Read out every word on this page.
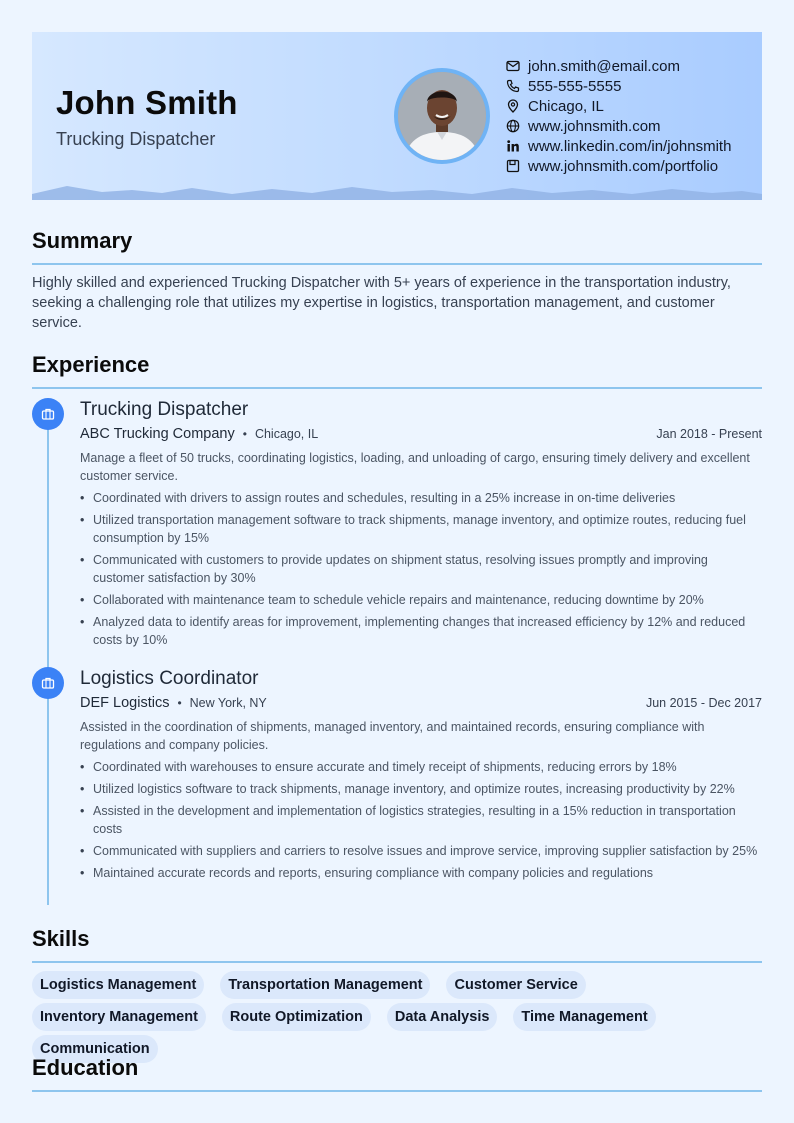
John Smith
Trucking Dispatcher
john.smith@email.com
555-555-5555
Chicago, IL
www.johnsmith.com
www.linkedin.com/in/johnsmith
www.johnsmith.com/portfolio
Summary
Highly skilled and experienced Trucking Dispatcher with 5+ years of experience in the transportation industry, seeking a challenging role that utilizes my expertise in logistics, transportation management, and customer service.
Experience
Trucking Dispatcher
ABC Trucking Company • Chicago, IL	Jan 2018 - Present
Manage a fleet of 50 trucks, coordinating logistics, loading, and unloading of cargo, ensuring timely delivery and excellent customer service.
• Coordinated with drivers to assign routes and schedules, resulting in a 25% increase in on-time deliveries
• Utilized transportation management software to track shipments, manage inventory, and optimize routes, reducing fuel consumption by 15%
• Communicated with customers to provide updates on shipment status, resolving issues promptly and improving customer satisfaction by 30%
• Collaborated with maintenance team to schedule vehicle repairs and maintenance, reducing downtime by 20%
• Analyzed data to identify areas for improvement, implementing changes that increased efficiency by 12% and reduced costs by 10%
Logistics Coordinator
DEF Logistics • New York, NY	Jun 2015 - Dec 2017
Assisted in the coordination of shipments, managed inventory, and maintained records, ensuring compliance with regulations and company policies.
• Coordinated with warehouses to ensure accurate and timely receipt of shipments, reducing errors by 18%
• Utilized logistics software to track shipments, manage inventory, and optimize routes, increasing productivity by 22%
• Assisted in the development and implementation of logistics strategies, resulting in a 15% reduction in transportation costs
• Communicated with suppliers and carriers to resolve issues and improve service, improving supplier satisfaction by 25%
• Maintained accurate records and reports, ensuring compliance with company policies and regulations
Skills
Logistics Management	Transportation Management	Customer Service
Inventory Management	Route Optimization	Data Analysis	Time Management
Communication
Education
